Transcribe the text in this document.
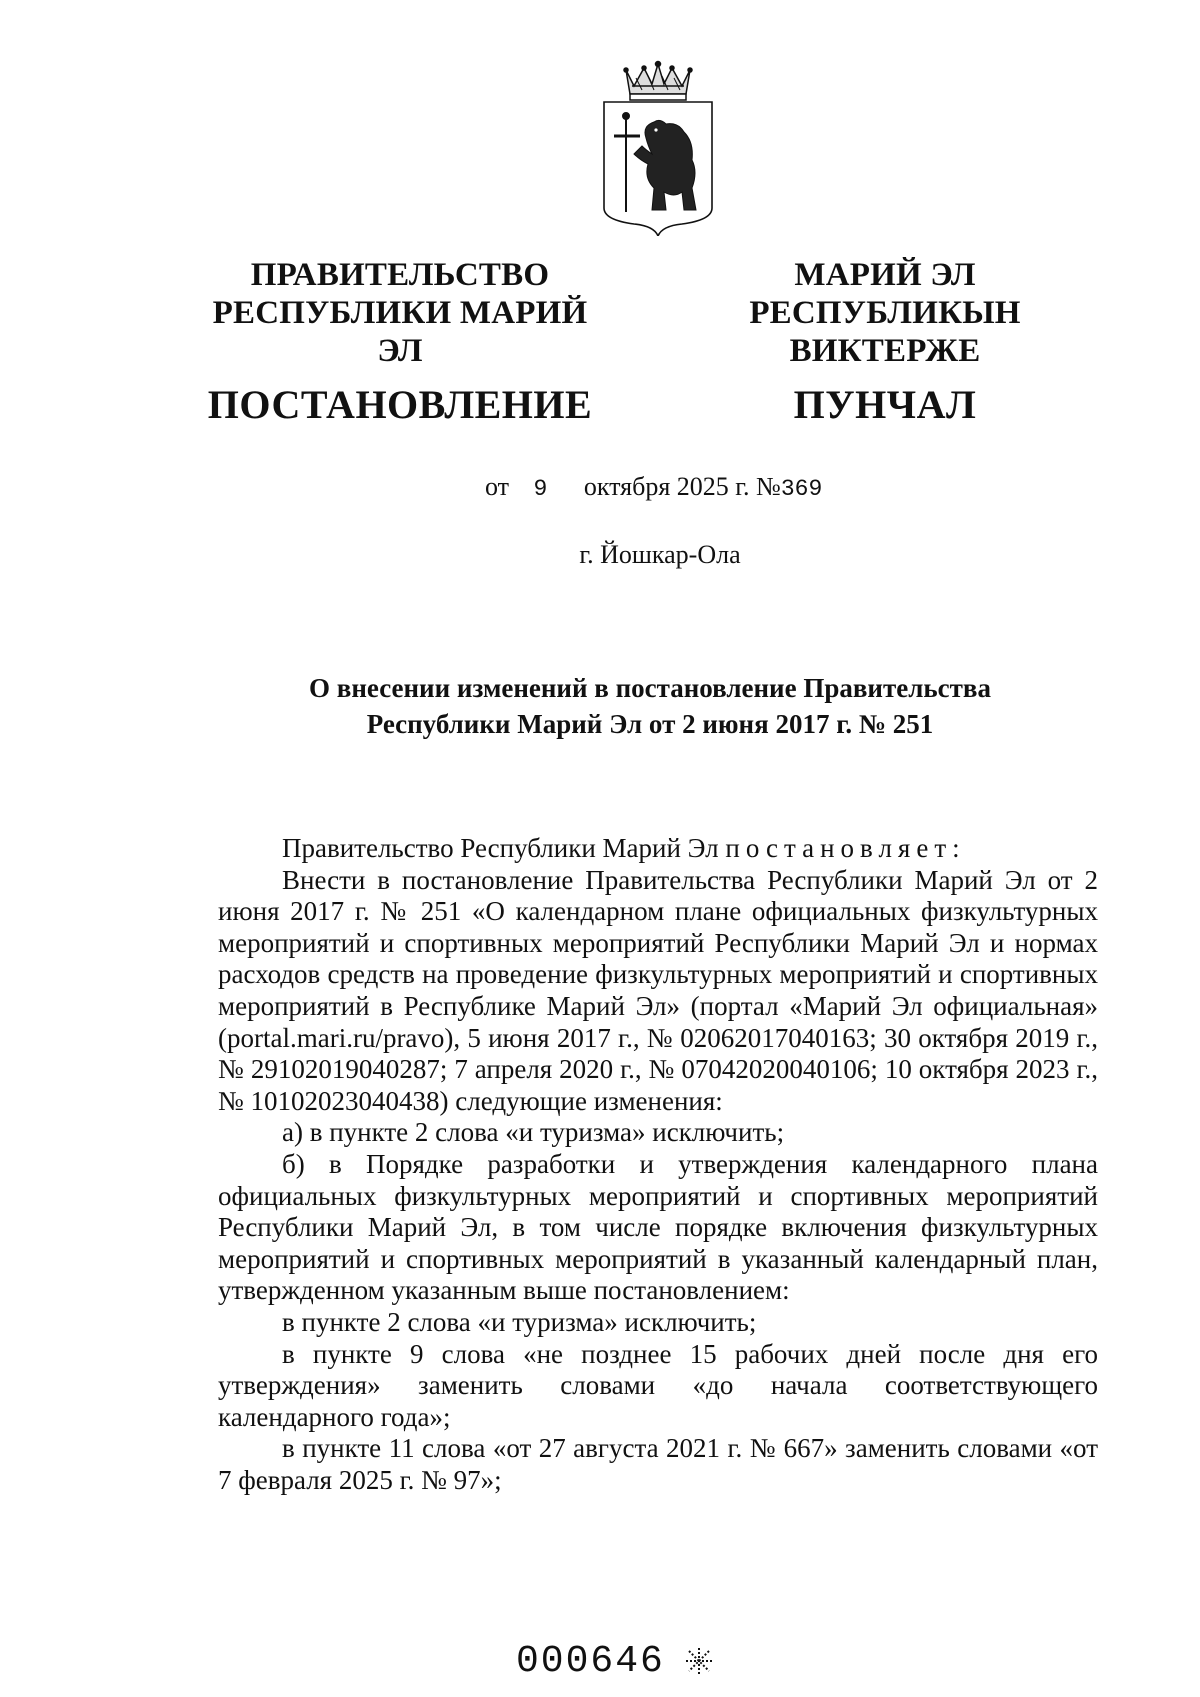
ПРАВИТЕЛЬСТВО
РЕСПУБЛИКИ МАРИЙ ЭЛ
ПОСТАНОВЛЕНИЕ
МАРИЙ ЭЛ РЕСПУБЛИКЫН
ВИКТЕРЖЕ
ПУНЧАЛ
от 9 октября 2025 г. №369
г. Йошкар-Ола
О внесении изменений в постановление Правительства
Республики Марий Эл от 2 июня 2017 г. № 251

Правительство Республики Марий Эл постановляет:

Внести в постановление Правительства Республики Марий Эл от 2 июня 2017 г. № 251 «О календарном плане официальных физкультурных мероприятий и спортивных мероприятий Республики Марий Эл и нормах расходов средств на проведение физкультурных мероприятий и спортивных мероприятий в Республике Марий Эл» (портал «Марий Эл официальная» (portal.mari.ru/pravo), 5 июня 2017 г., № 02062017040163; 30 октября 2019 г., № 29102019040287; 7 апреля 2020 г., № 07042020040106; 10 октября 2023 г., № 10102023040438) следующие изменения:

а) в пункте 2 слова «и туризма» исключить;

б) в Порядке разработки и утверждения календарного плана официальных физкультурных мероприятий и спортивных мероприятий Республики Марий Эл, в том числе порядке включения физкультурных мероприятий и спортивных мероприятий в указанный календарный план, утвержденном указанным выше постановлением:

в пункте 2 слова «и туризма» исключить;

в пункте 9 слова «не позднее 15 рабочих дней после дня его утверждения» заменить словами «до начала соответствующего календарного года»;

в пункте 11 слова «от 27 августа 2021 г. № 667» заменить словами «от 7 февраля 2025 г. № 97»;

000646
